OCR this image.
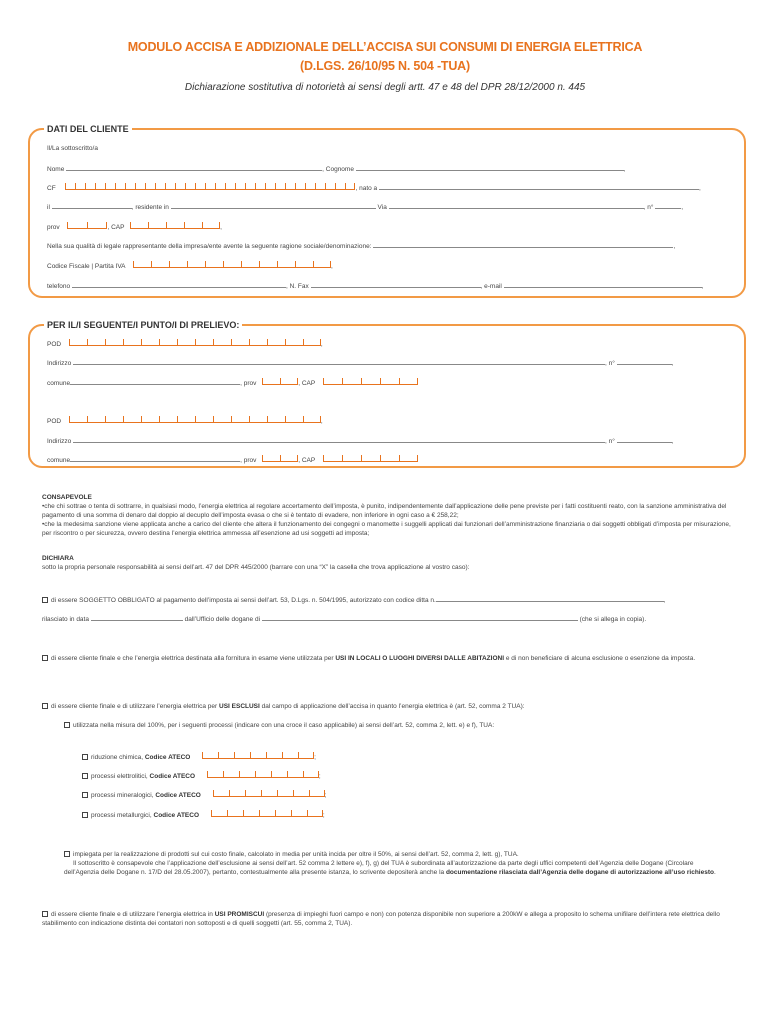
MODULO ACCISA E ADDIZIONALE DELL’ACCISA SUI CONSUMI DI ENERGIA ELETTRICA
(D.LGS. 26/10/95 N. 504 -TUA)
Dichiarazione sostitutiva di notorietà ai sensi degli artt. 47 e 48 del DPR 28/12/2000 n. 445
DATI DEL CLIENTE
Il/La sottoscritto/a
Nome	, Cognome	,
CF	, nato a	,
il	, residente in	Via	, n°	,
prov	, CAP	,
Nella sua qualità di legale rappresentante della impresa/ente avente la seguente ragione sociale/denominazione:	,
Codice Fiscale | Partita IVA	,
telefono	, N. Fax	, e-mail	,
PER IL/I SEGUENTE/I PUNTO/I DI PRELIEVO:
POD	,
Indirizzo	, n°	,
comune	, prov	, CAP
POD	,
Indirizzo	, n°	,
comune	, prov	, CAP
CONSAPEVOLE
•che chi sottrae o tenta di sottrarre, in qualsiasi modo, l’energia elettrica al regolare accertamento dell’imposta, è punito, indipendentemente dall’applicazione delle pene previste per i fatti costituenti reato, con la sanzione amministrativa del pagamento di una somma di denaro dal doppio al decuplo dell’imposta evasa o che si è tentato di evadere, non inferiore in ogni caso a € 258,22;
•che la medesima sanzione viene applicata anche a carico del cliente che altera il funzionamento dei congegni o manomette i suggelli applicati dai funzionari dell’amministrazione finanziaria o dai soggetti obbligati d’imposta per misurazione, per riscontro o per sicurezza, ovvero destina l’energia elettrica ammessa all’esenzione ad usi soggetti ad imposta;
DICHIARA
sotto la propria personale responsabilità ai sensi dell’art. 47 del DPR 445/2000 (barrare con una “X” la casella che trova applicazione al vostro caso):
di essere SOGGETTO OBBLIGATO al pagamento dell’imposta ai sensi dell’art. 53, D.Lgs. n. 504/1995, autorizzato con codice ditta n.	,
rilasciato in data	dall’Ufficio delle dogane di	(che si allega in copia).
di essere cliente finale e che l’energia elettrica destinata alla fornitura in esame viene utilizzata per USI IN LOCALI O LUOGHI DIVERSI DALLE ABITAZIONI e di non beneficiare di alcuna esclusione o esenzione da imposta.
di essere cliente finale e di utilizzare l’energia elettrica per USI ESCLUSI dal campo di applicazione dell’accisa in quanto l’energia elettrica è (art. 52, comma 2 TUA):
utilizzata nella misura del 100%, per i seguenti processi (indicare con una croce il caso applicabile) ai sensi dell’art. 52, comma 2, lett. e) e f), TUA:
riduzione chimica, Codice ATECO	;
processi elettrolitici, Codice ATECO	;
processi mineralogici, Codice ATECO	;
processi metallurgici, Codice ATECO	;
impiegata per la realizzazione di prodotti sul cui costo finale, calcolato in media per unità incida per oltre il 50%, ai sensi dell’art. 52, comma 2, lett. g), TUA.
Il sottoscritto è consapevole che l’applicazione dell’esclusione ai sensi dell’art. 52 comma 2 lettere e), f), g) del TUA è subordinata all’autorizzazione da parte degli uffici competenti dell’Agenzia delle Dogane (Circolare dell’Agenzia delle Dogane n. 17/D del 28.05.2007), pertanto, contestualmente alla presente istanza, lo scrivente depositerà anche la documentazione rilasciata dall’Agenzia delle dogane di autorizzazione all’uso richiesto.
di essere cliente finale e di utilizzare l’energia elettrica in USI PROMISCUI (presenza di impieghi fuori campo e non) con potenza disponibile non superiore a 200kW e allega a proposito lo schema unifilare dell’intera rete elettrica dello stabilimento con indicazione distinta dei contatori non sottoposti e di quelli soggetti (art. 55, comma 2, TUA).
